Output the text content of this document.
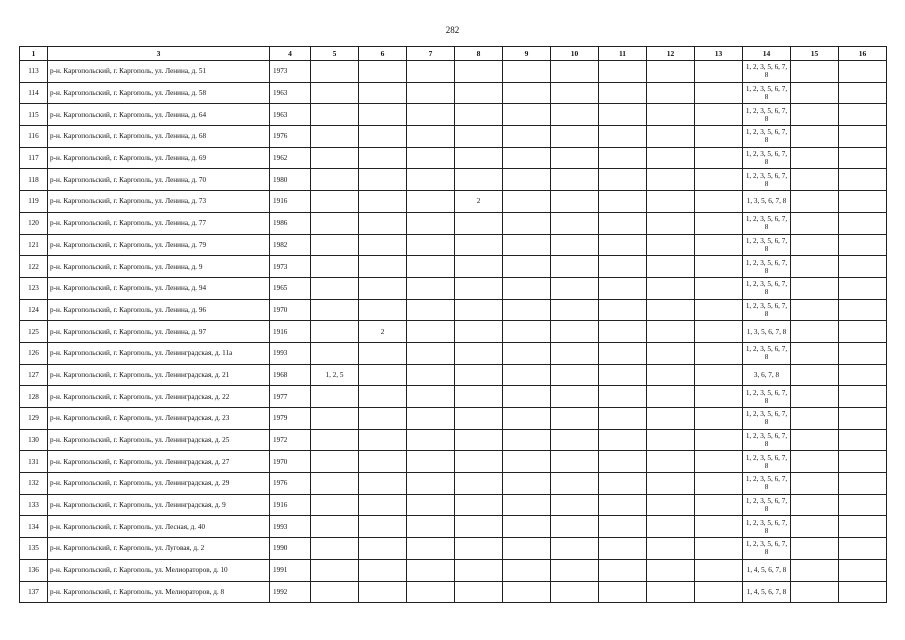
282
1	3	4	5	6	7	8	9	10	11	12	13	14	15	16
113	р-н. Каргопольский, г. Каргополь, ул. Ленина, д. 51	1973										1, 2, 3, 5, 6, 7, 8		
114	р-н. Каргопольский, г. Каргополь, ул. Ленина, д. 58	1963										1, 2, 3, 5, 6, 7, 8		
115	р-н. Каргопольский, г. Каргополь, ул. Ленина, д. 64	1963										1, 2, 3, 5, 6, 7, 8		
116	р-н. Каргопольский, г. Каргополь, ул. Ленина, д. 68	1976										1, 2, 3, 5, 6, 7, 8		
117	р-н. Каргопольский, г. Каргополь, ул. Ленина, д. 69	1962										1, 2, 3, 5, 6, 7, 8		
118	р-н. Каргопольский, г. Каргополь, ул. Ленина, д. 70	1980										1, 2, 3, 5, 6, 7, 8		
119	р-н. Каргопольский, г. Каргополь, ул. Ленина, д. 73	1916				2						1, 3, 5, 6, 7, 8		
120	р-н. Каргопольский, г. Каргополь, ул. Ленина, д. 77	1986										1, 2, 3, 5, 6, 7, 8		
121	р-н. Каргопольский, г. Каргополь, ул. Ленина, д. 79	1982										1, 2, 3, 5, 6, 7, 8		
122	р-н. Каргопольский, г. Каргополь, ул. Ленина, д. 9	1973										1, 2, 3, 5, 6, 7, 8		
123	р-н. Каргопольский, г. Каргополь, ул. Ленина, д. 94	1965										1, 2, 3, 5, 6, 7, 8		
124	р-н. Каргопольский, г. Каргополь, ул. Ленина, д. 96	1970										1, 2, 3, 5, 6, 7, 8		
125	р-н. Каргопольский, г. Каргополь, ул. Ленина, д. 97	1916		2								1, 3, 5, 6, 7, 8		
126	р-н. Каргопольский, г. Каргополь, ул. Ленинградская, д. 11а	1993										1, 2, 3, 5, 6, 7, 8		
127	р-н. Каргопольский, г. Каргополь, ул. Ленинградская, д. 21	1968	1, 2, 5									3, 6, 7, 8		
128	р-н. Каргопольский, г. Каргополь, ул. Ленинградская, д. 22	1977										1, 2, 3, 5, 6, 7, 8		
129	р-н. Каргопольский, г. Каргополь, ул. Ленинградская, д. 23	1979										1, 2, 3, 5, 6, 7, 8		
130	р-н. Каргопольский, г. Каргополь, ул. Ленинградская, д. 25	1972										1, 2, 3, 5, 6, 7, 8		
131	р-н. Каргопольский, г. Каргополь, ул. Ленинградская, д. 27	1970										1, 2, 3, 5, 6, 7, 8		
132	р-н. Каргопольский, г. Каргополь, ул. Ленинградская, д. 29	1976										1, 2, 3, 5, 6, 7, 8		
133	р-н. Каргопольский, г. Каргополь, ул. Ленинградская, д. 9	1916										1, 2, 3, 5, 6, 7, 8		
134	р-н. Каргопольский, г. Каргополь, ул. Лесная, д. 40	1993										1, 2, 3, 5, 6, 7, 8		
135	р-н. Каргопольский, г. Каргополь, ул. Луговая, д. 2	1990										1, 2, 3, 5, 6, 7, 8		
136	р-н. Каргопольский, г. Каргополь, ул. Мелиораторов, д. 10	1991										1, 4, 5, 6, 7, 8		
137	р-н. Каргопольский, г. Каргополь, ул. Мелиораторов, д. 8	1992										1, 4, 5, 6, 7, 8		
